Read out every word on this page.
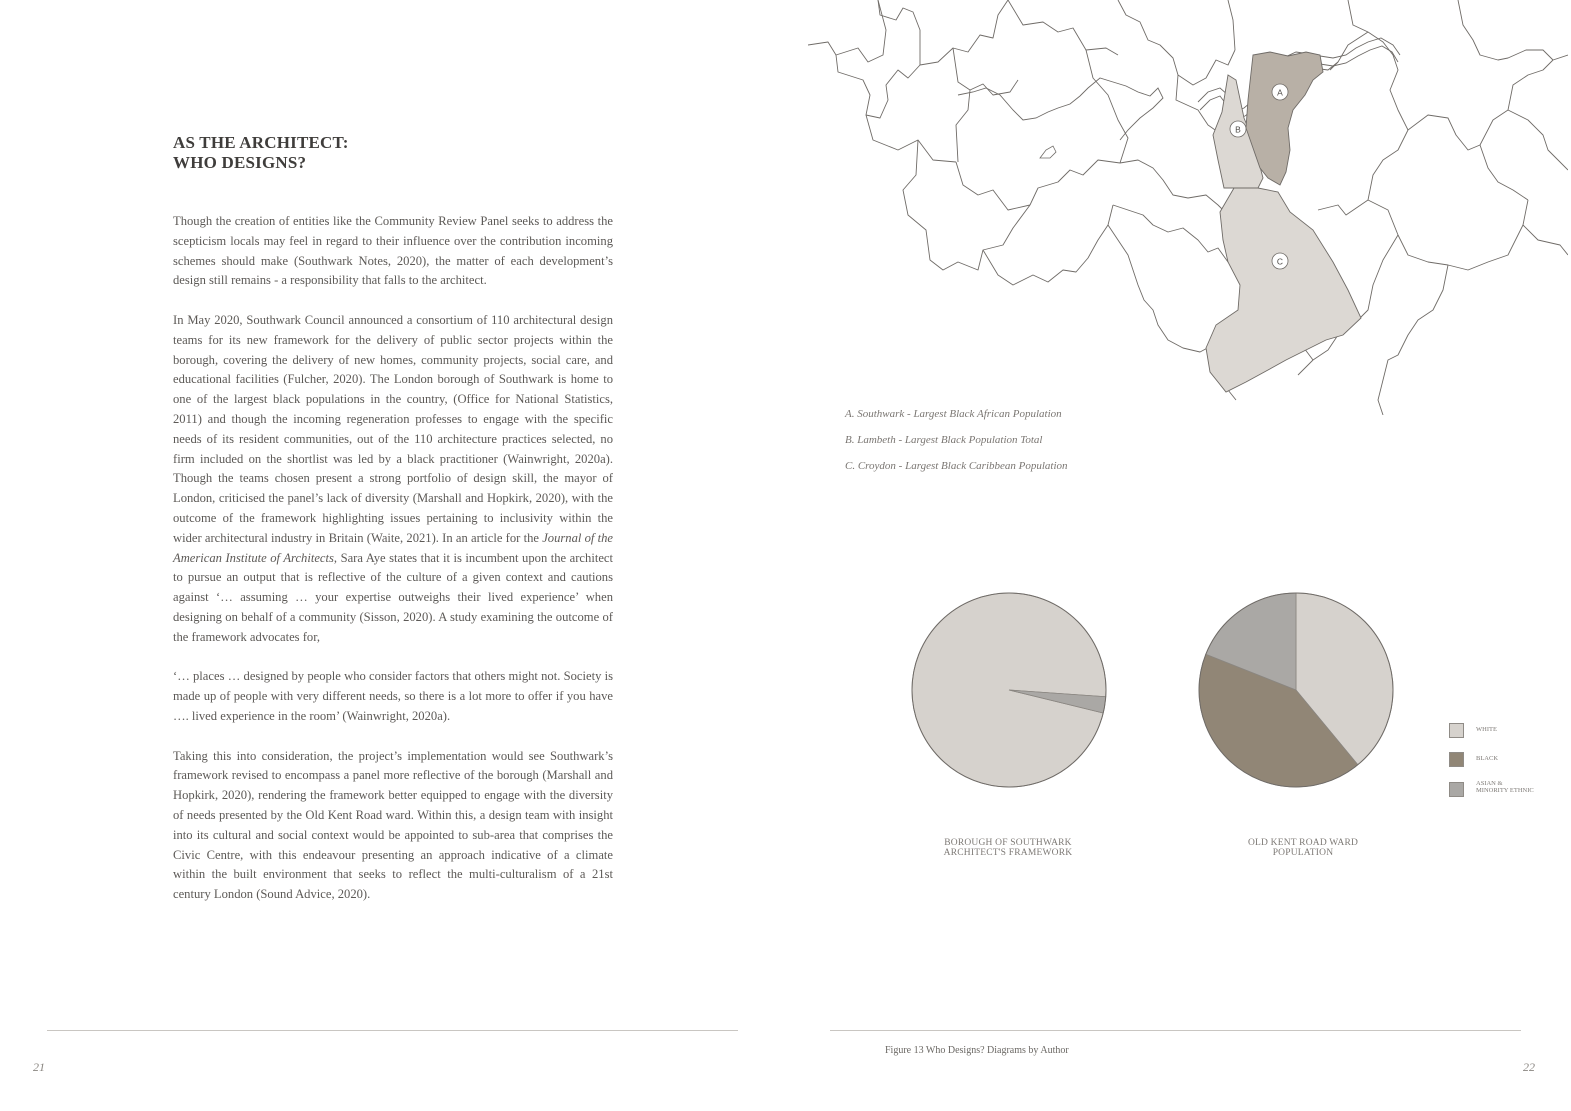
AS THE ARCHITECT:
WHO DESIGNS?

Though the creation of entities like the Community Review Panel seeks to address the scepticism locals may feel in regard to their influence over the contribution incoming schemes should make (Southwark Notes, 2020), the matter of each development’s design still remains - a responsibility that falls to the architect.

In May 2020, Southwark Council announced a consortium of 110 architectural design teams for its new framework for the delivery of public sector projects within the borough, covering the delivery of new homes, community projects, social care, and educational facilities (Fulcher, 2020). The London borough of Southwark is home to one of the largest black populations in the country, (Office for National Statistics, 2011) and though the incoming regeneration professes to engage with the specific needs of its resident communities, out of the 110 architecture practices selected, no firm included on the shortlist was led by a black practitioner (Wainwright, 2020a). Though the teams chosen present a strong portfolio of design skill, the mayor of London, criticised the panel’s lack of diversity (Marshall and Hopkirk, 2020), with the outcome of the framework highlighting issues pertaining to inclusivity within the wider architectural industry in Britain (Waite, 2021). In an article for the Journal of the American Institute of Architects, Sara Aye states that it is incumbent upon the architect to pursue an output that is reflective of the culture of a given context and cautions against ‘… assuming … your expertise outweighs their lived experience’ when designing on behalf of a community (Sisson, 2020). A study examining the outcome of the framework advocates for,

‘… places … designed by people who consider factors that others might not. Society is made up of people with very different needs, so there is a lot more to offer if you have …. lived experience in the room’ (Wainwright, 2020a).

Taking this into consideration, the project’s implementation would see Southwark’s framework revised to encompass a panel more reflective of the borough (Marshall and Hopkirk, 2020), rendering the framework better equipped to engage with the diversity of needs presented by the Old Kent Road ward. Within this, a design team with insight into its cultural and social context would be appointed to sub-area that comprises the Civic Centre, with this endeavour presenting an approach indicative of a climate within the built environment that seeks to reflect the multi-culturalism of a 21st century London (Sound Advice, 2020).

21
A
B
C
A. Southwark - Largest Black African Population
B. Lambeth - Largest Black Population Total
C. Croydon - Largest Black Caribbean Population
BOROUGH OF SOUTHWARK
ARCHITECT'S FRAMEWORK
OLD KENT ROAD WARD
POPULATION
WHITE
BLACK
ASIAN & MINORITY ETHNIC
Figure 13 Who Designs? Diagrams by Author
22
